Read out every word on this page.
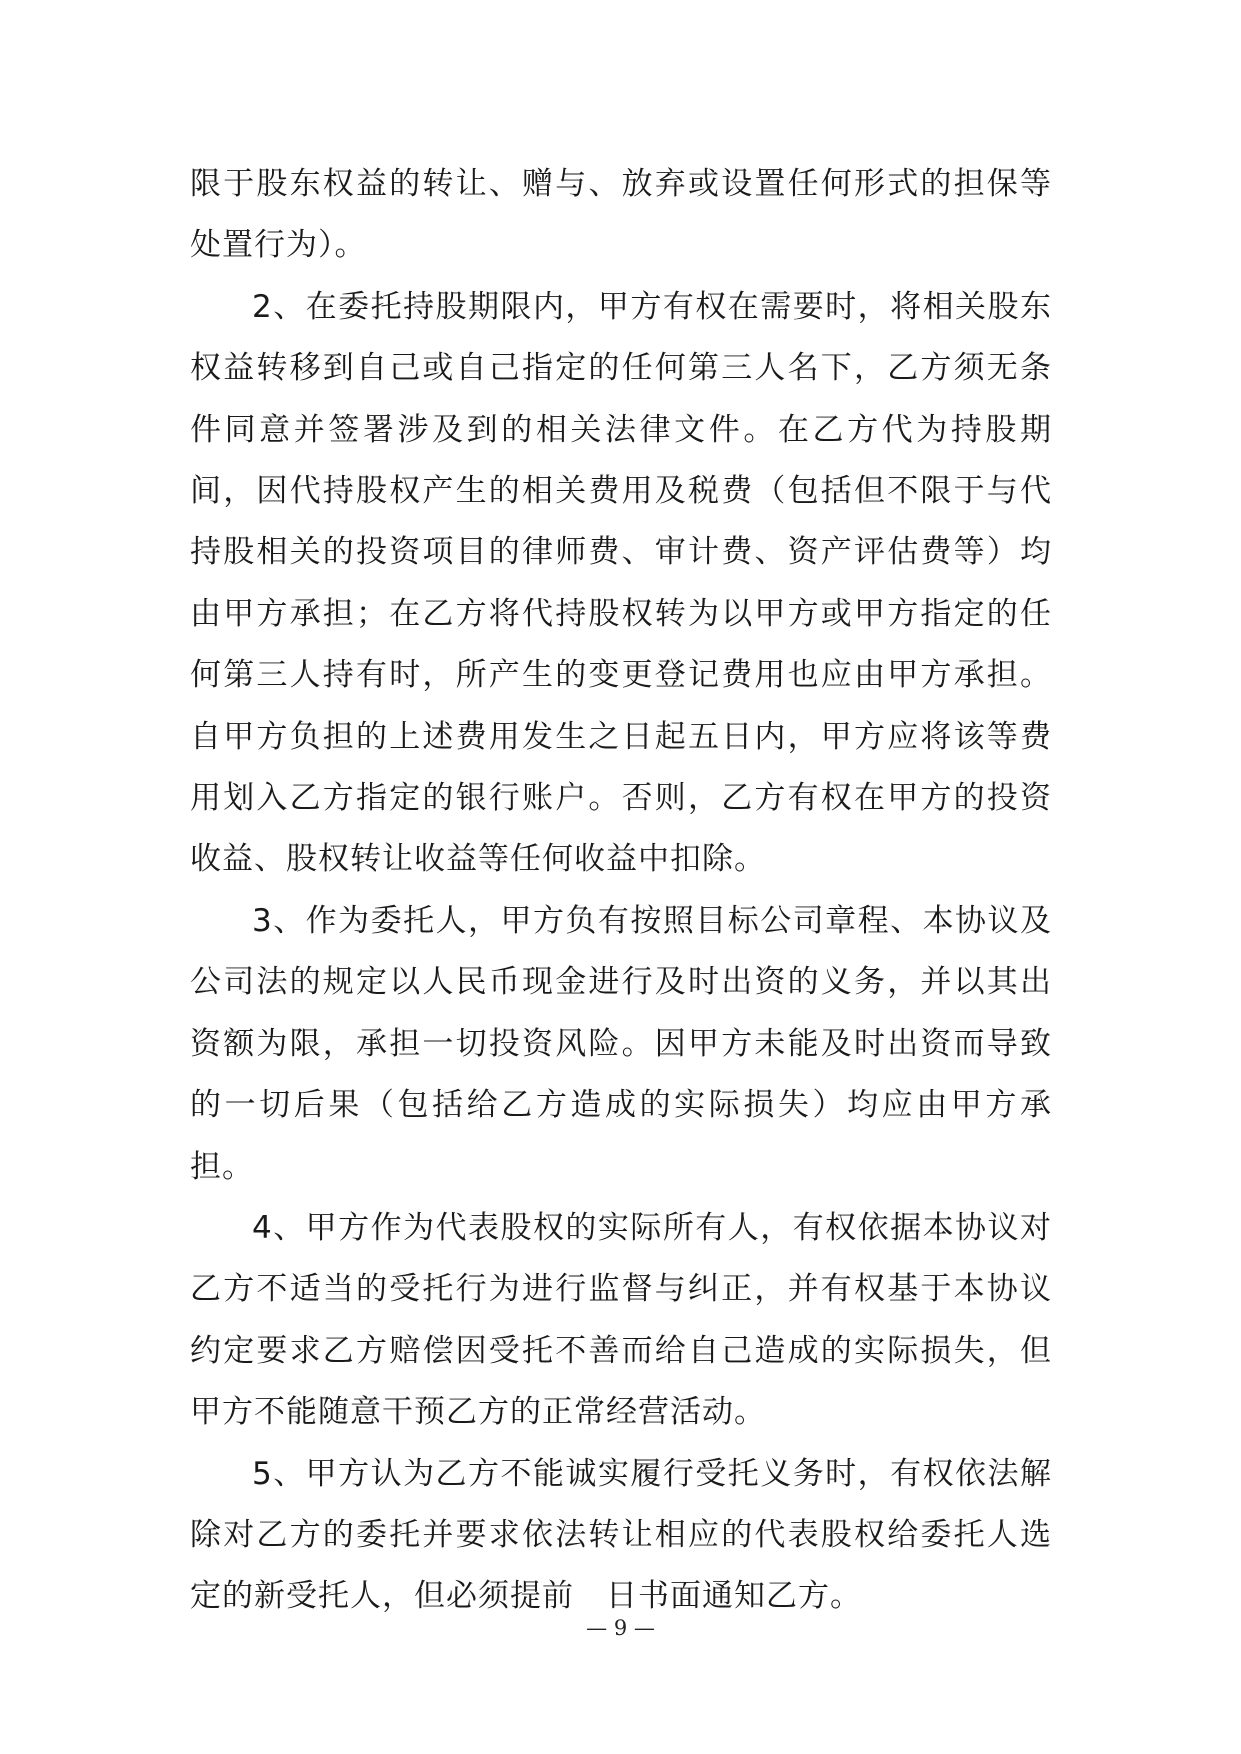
限于股东权益的转让、赠与、放弃或设置任何形式的担保等处置行为）。

2、在委托持股期限内，甲方有权在需要时，将相关股东权益转移到自己或自己指定的任何第三人名下，乙方须无条件同意并签署涉及到的相关法律文件。在乙方代为持股期间，因代持股权产生的相关费用及税费（包括但不限于与代持股相关的投资项目的律师费、审计费、资产评估费等）均由甲方承担；在乙方将代持股权转为以甲方或甲方指定的任何第三人持有时，所产生的变更登记费用也应由甲方承担。自甲方负担的上述费用发生之日起五日内，甲方应将该等费用划入乙方指定的银行账户。否则，乙方有权在甲方的投资收益、股权转让收益等任何收益中扣除。

3、作为委托人，甲方负有按照目标公司章程、本协议及公司法的规定以人民币现金进行及时出资的义务，并以其出资额为限，承担一切投资风险。因甲方未能及时出资而导致的一切后果（包括给乙方造成的实际损失）均应由甲方承担。

4、甲方作为代表股权的实际所有人，有权依据本协议对乙方不适当的受托行为进行监督与纠正，并有权基于本协议约定要求乙方赔偿因受托不善而给自己造成的实际损失，但甲方不能随意干预乙方的正常经营活动。

5、甲方认为乙方不能诚实履行受托义务时，有权依法解除对乙方的委托并要求依法转让相应的代表股权给委托人选定的新受托人，但必须提前　日书面通知乙方。

— 9 —
